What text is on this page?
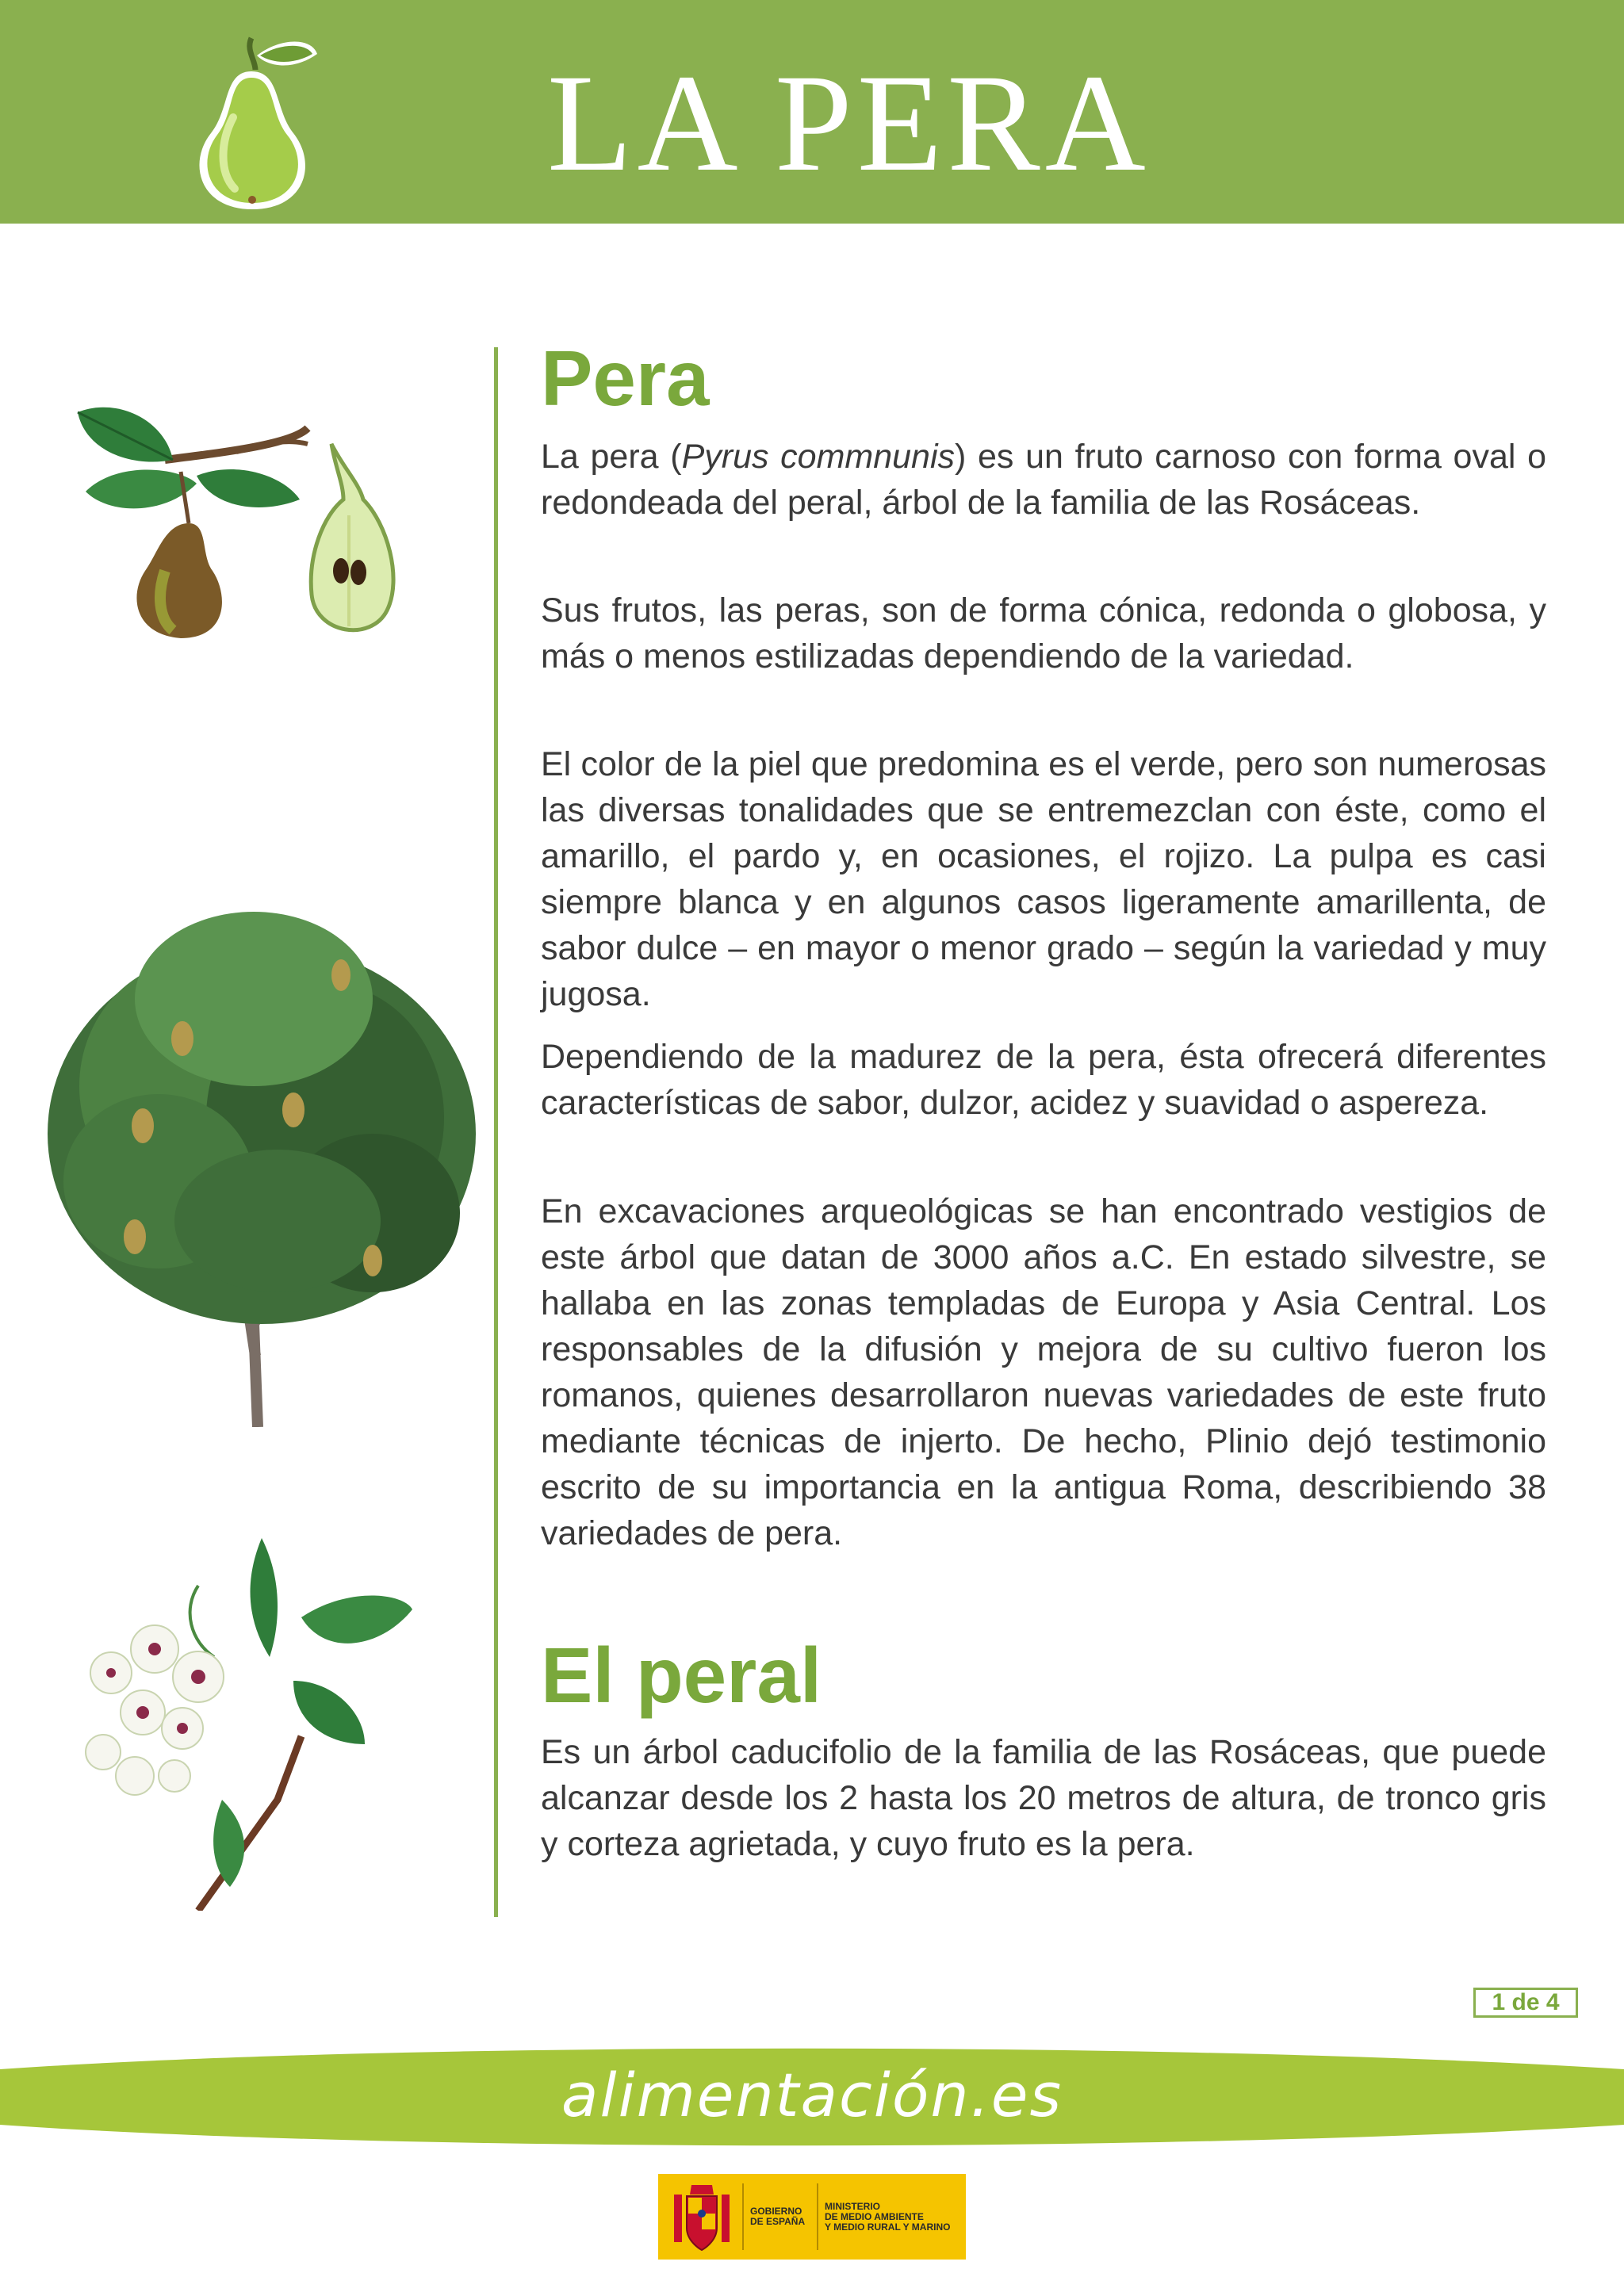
LA PERA
Pera

La pera (Pyrus commnunis) es un fruto carnoso con forma oval o redondeada del peral, árbol de la familia de las Rosáceas.

Sus frutos, las peras, son de forma cónica, redonda o globosa, y más o menos estilizadas dependiendo de la variedad.

El color de la piel que predomina es el verde, pero son numerosas las diversas tonalidades que se entremezclan con éste, como el amarillo, el pardo y, en ocasiones, el rojizo. La pulpa es casi siempre blanca y en algunos casos ligeramente amarillenta, de sabor dulce – en mayor o menor grado – según la variedad y muy jugosa.

Dependiendo de la madurez de la pera, ésta ofrecerá diferentes características de sabor, dulzor, acidez y suavidad o aspereza.

En excavaciones arqueológicas se han encontrado vestigios de este árbol que datan de 3000 años a.C. En estado silvestre, se hallaba en las zonas templadas de Europa y Asia Central. Los responsables de la difusión y mejora de su cultivo fueron los romanos, quienes desarrollaron nuevas variedades de este fruto mediante técnicas de injerto. De hecho, Plinio dejó testimonio escrito de su importancia en la antigua Roma, describiendo 38 variedades de pera.

El peral

Es un árbol caducifolio de la familia de las Rosáceas, que puede alcanzar desde los 2 hasta los 20 metros de altura, de tronco gris y corteza agrietada, y cuyo fruto es la pera.

1 de 4
alimentación.es
GOBIERNO
DE ESPAÑA
MINISTERIO
DE MEDIO AMBIENTE
Y MEDIO RURAL Y MARINO
